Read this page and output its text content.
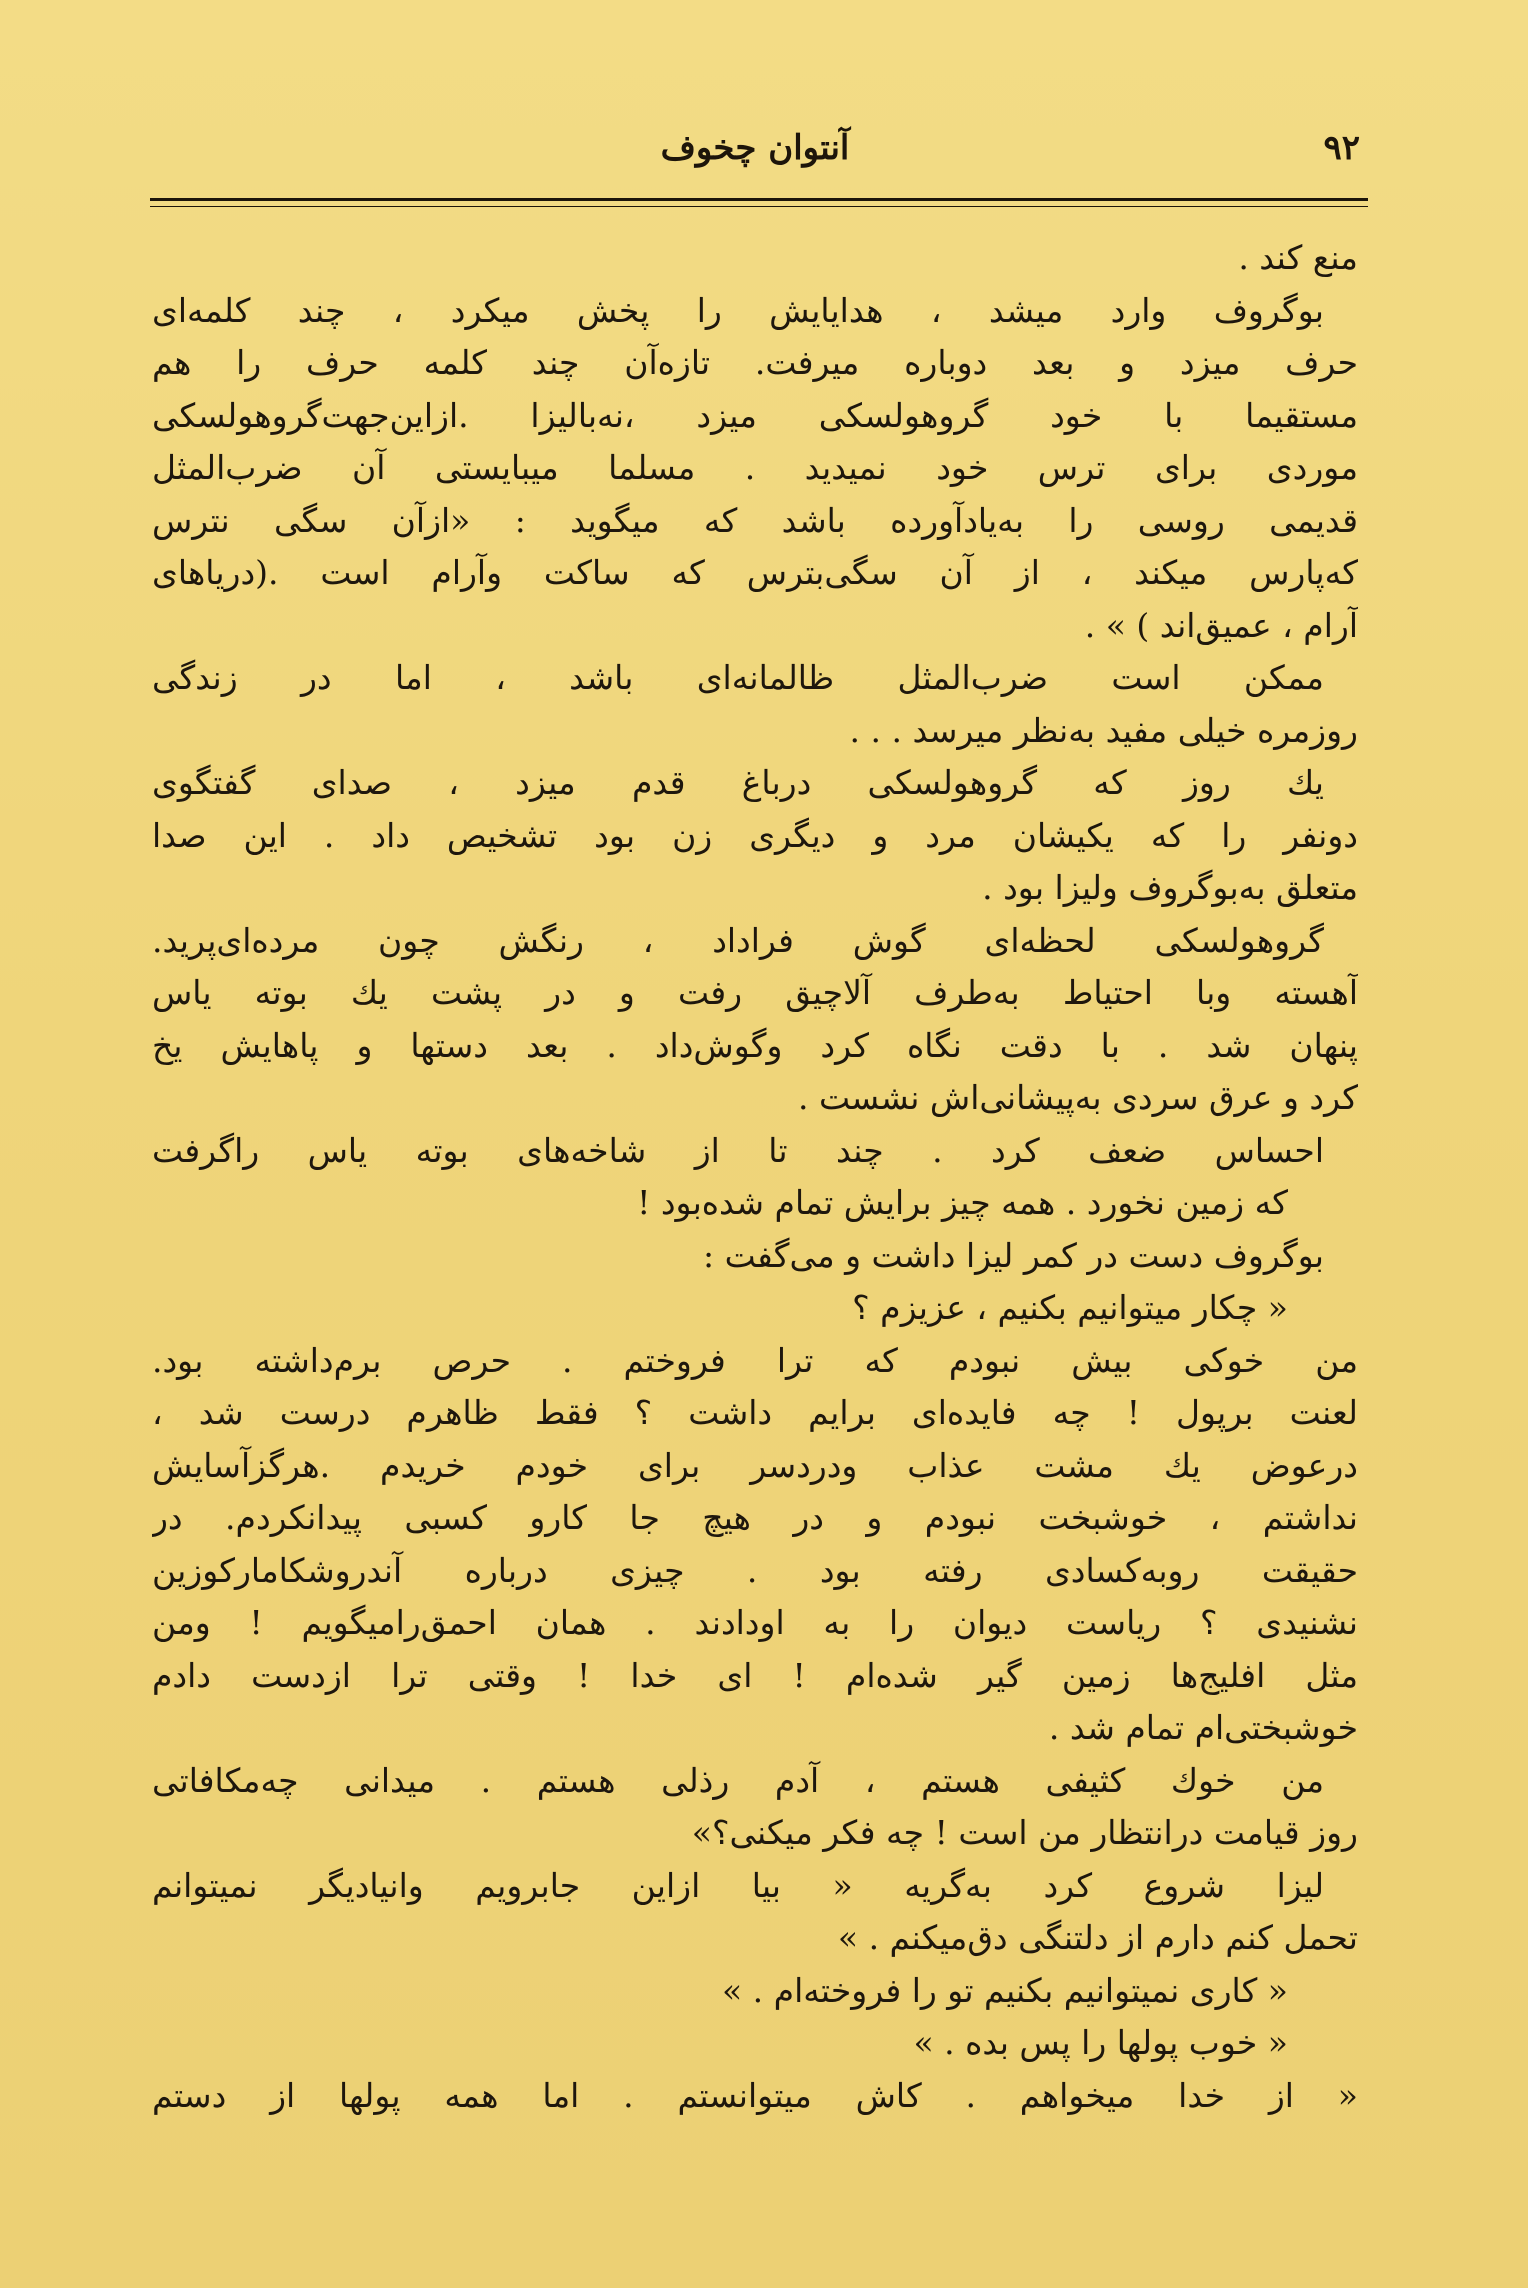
۹۲
آنتوان چخوف
منع کند .
بوگروف وارد میشد ، هدایایش را پخش میکرد ، چند کلمه‌ای
حرف میزد و بعد دوباره میرفت. تازه‌آن چند کلمه حرف را هم
مستقیما با خود گروهولسکی میزد ،نه‌بالیزا .ازاین‌جهت‌گروهولسکی
موردی برای ترس خود نمیدید . مسلما میبایستی آن ضرب‌المثل
قدیمی روسی را به‌یادآورده باشد که میگوید : «ازآن سگی نترس
که‌پارس میکند ، از آن سگی‌بترس که ساکت وآرام است .(دریاهای
آرام ، عمیق‌اند ) » .
ممکن است ضرب‌المثل ظالمانه‌ای باشد ، اما در زندگی
روزمره خیلی مفید به‌نظر میرسد . . .
یك روز که گروهولسکی درباغ قدم میزد ، صدای گفتگوی
دونفر را که یکیشان مرد و دیگری زن بود تشخیص داد . این صدا
متعلق به‌بوگروف ولیزا بود .
گروهولسکی لحظه‌ای گوش فراداد ، رنگش چون مرده‌ای‌پرید.
آهسته وبا احتیاط به‌طرف آلاچیق رفت و در پشت یك بوته یاس
پنهان شد . با دقت نگاه کرد وگوش‌داد . بعد دستها و پاهایش یخ
کرد و عرق سردی به‌پیشانی‌اش نشست .
احساس ضعف کرد . چند تا از شاخه‌های بوته یاس راگرفت
که زمین نخورد . همه چیز برایش تمام شده‌بود !
بوگروف دست در کمر لیزا داشت و می‌گفت :
« چکار میتوانیم بکنیم ، عزیزم ؟
من خوکی بیش نبودم که ترا فروختم . حرص برم‌داشته بود.
لعنت برپول ! چه فایده‌ای برایم داشت ؟ فقط ظاهرم درست شد ،
درعوض یك مشت عذاب ودردسر برای خودم خریدم .هرگزآسایش
نداشتم ، خوشبخت نبودم و در هیچ جا کارو کسبی پیدانکردم. در
حقیقت روبه‌کسادی رفته بود . چیزی درباره آندروشکامارکوزین
نشنیدی ؟ ریاست دیوان را به اودادند . همان احمق‌رامیگویم ! ومن
مثل افلیج‌ها زمین گیر شده‌ام ! ای خدا ! وقتی ترا ازدست دادم
خوشبختی‌ام تمام شد .
من خوك کثیفی هستم ، آدم رذلی هستم . میدانی چه‌مکافاتی
روز قیامت درانتظار من است ! چه فکر میکنی؟»
لیزا شروع کرد به‌گریه « بیا ازاین جابرویم وانیادیگر نمیتوانم
تحمل کنم دارم از دلتنگی دق‌میکنم . »
« کاری نمیتوانیم بکنیم تو را فروخته‌ام . »
« خوب پولها را پس بده . »
« از خدا میخواهم . کاش میتوانستم . اما همه پولها از دستم
